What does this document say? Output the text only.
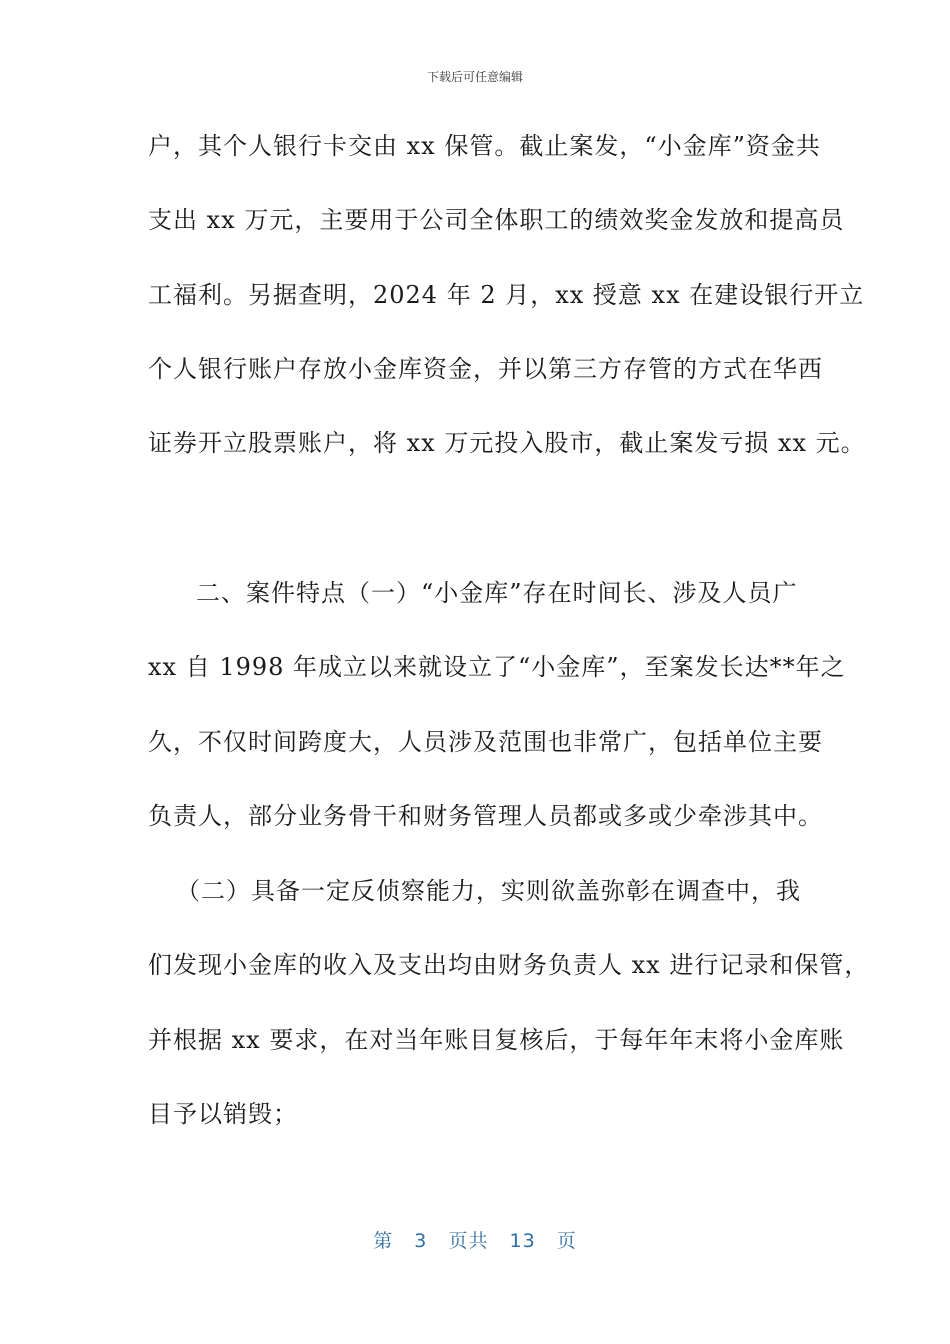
下载后可任意编辑
户，其个人银行卡交由 xx 保管。截止案发，“小金库”资金共
支出 xx 万元，主要用于公司全体职工的绩效奖金发放和提高员
工福利。另据查明，2024 年 2 月，xx 授意 xx 在建设银行开立
个人银行账户存放小金库资金，并以第三方存管的方式在华西
证券开立股票账户，将 xx 万元投入股市，截止案发亏损 xx 元。
二、案件特点（一）“小金库”存在时间长、涉及人员广
xx 自 1998 年成立以来就设立了“小金库”，至案发长达**年之
久，不仅时间跨度大，人员涉及范围也非常广，包括单位主要
负责人，部分业务骨干和财务管理人员都或多或少牵涉其中。
（二）具备一定反侦察能力，实则欲盖弥彰在调查中，我
们发现小金库的收入及支出均由财务负责人 xx 进行记录和保管，
并根据 xx 要求，在对当年账目复核后，于每年年末将小金库账
目予以销毁；
第 3 页共 13 页
